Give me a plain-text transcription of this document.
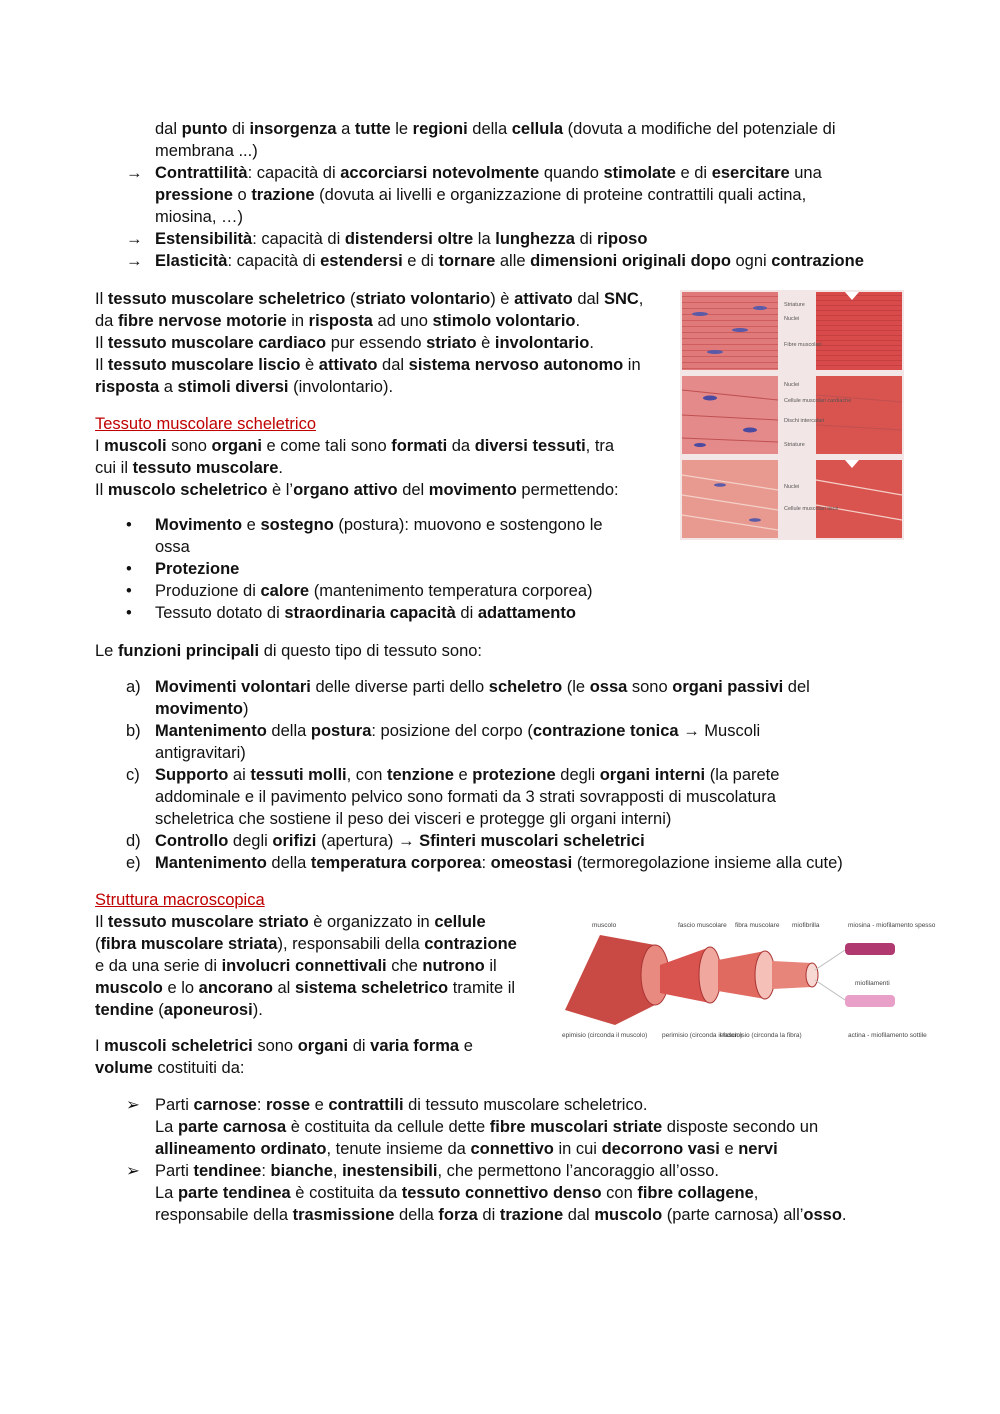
dal punto di insorgenza a tutte le regioni della cellula (dovuta a modifiche del potenziale di
membrana ...)
→ Contrattilità: capacità di accorciarsi notevolmente quando stimolate e di esercitare una
pressione o trazione (dovuta ai livelli e organizzazione di proteine contrattili quali actina,
miosina, …)
→ Estensibilità: capacità di distendersi oltre la lunghezza di riposo
→ Elasticità: capacità di estendersi e di tornare alle dimensioni originali dopo ogni contrazione
Il tessuto muscolare scheletrico (striato volontario) è attivato dal SNC,
da fibre nervose motorie in risposta ad uno stimolo volontario.
Il tessuto muscolare cardiaco pur essendo striato è involontario.
Il tessuto muscolare liscio è attivato dal sistema nervoso autonomo in
risposta a stimoli diversi (involontario).
Tessuto muscolare scheletrico
I muscoli sono organi e come tali sono formati da diversi tessuti, tra
cui il tessuto muscolare.
Il muscolo scheletrico è l’organo attivo del movimento permettendo:
• Movimento e sostegno (postura): muovono e sostengono le
ossa
• Protezione
• Produzione di calore (mantenimento temperatura corporea)
• Tessuto dotato di straordinaria capacità di adattamento
Le funzioni principali di questo tipo di tessuto sono:
a) Movimenti volontari delle diverse parti dello scheletro (le ossa sono organi passivi del
movimento)
b) Mantenimento della postura: posizione del corpo (contrazione tonica → Muscoli
antigravitari)
c) Supporto ai tessuti molli, con tenzione e protezione degli organi interni (la parete
addominale e il pavimento pelvico sono formati da 3 strati sovrapposti di muscolatura
scheletrica che sostiene il peso dei visceri e protegge gli organi interni)
d) Controllo degli orifizi (apertura) → Sfinteri muscolari scheletrici
e) Mantenimento della temperatura corporea: omeostasi (termoregolazione insieme alla cute)
Struttura macroscopica
Il tessuto muscolare striato è organizzato in cellule
(fibra muscolare striata), responsabili della contrazione
e da una serie di involucri connettivali che nutrono il
muscolo e lo ancorano al sistema scheletrico tramite il
tendine (aponeurosi).
I muscoli scheletrici sono organi di varia forma e
volume costituiti da:
➢ Parti carnose: rosse e contrattili di tessuto muscolare scheletrico.
La parte carnosa è costituita da cellule dette fibre muscolari striate disposte secondo un
allineamento ordinato, tenute insieme da connettivo in cui decorrono vasi e nervi
➢ Parti tendinee: bianche, inestensibili, che permettono l’ancoraggio all’osso.
La parte tendinea è costituita da tessuto connettivo denso con fibre collagene,
responsabile della trasmissione della forza di trazione dal muscolo (parte carnosa) all’osso.
Striature
Nuclei
Fibre muscolari
Nuclei
Cellule muscolari cardiache
Dischi intercalari
Striature
Nuclei
Cellule muscolari lisce
muscolo	fascio muscolare fibra muscolare miofibrilla	miosina - miofilamento spesso
miofilamenti
epimisio (circonda il muscolo) perimisio (circonda il fascio)
endomisio (circonda la fibra)	actina - miofilamento sottile
